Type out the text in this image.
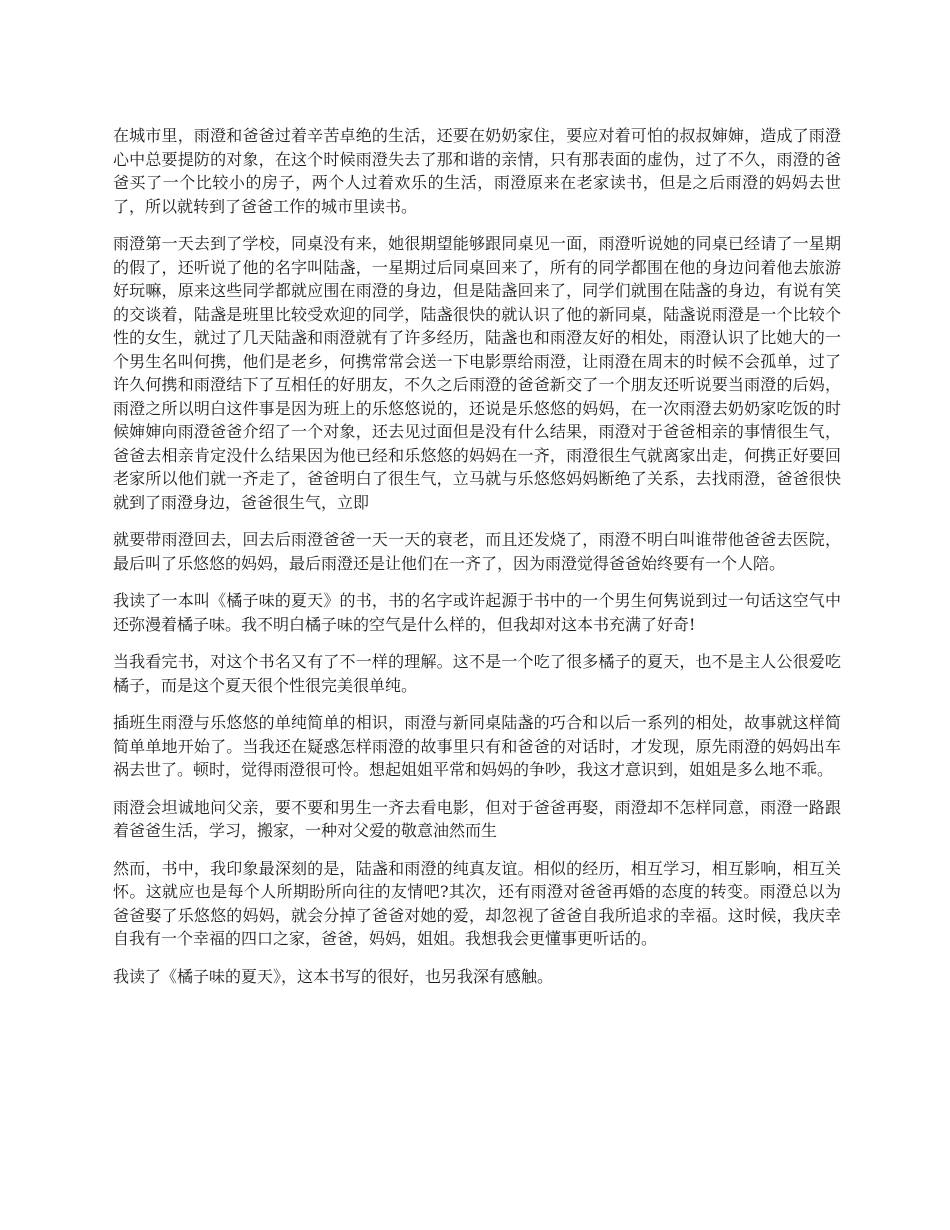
在城市里，雨澄和爸爸过着辛苦卓绝的生活，还要在奶奶家住，要应对着可怕的叔叔婶婶，造成了雨澄心中总要提防的对象，在这个时候雨澄失去了那和谐的亲情，只有那表面的虚伪，过了不久，雨澄的爸爸买了一个比较小的房子，两个人过着欢乐的生活，雨澄原来在老家读书，但是之后雨澄的妈妈去世了，所以就转到了爸爸工作的城市里读书。

雨澄第一天去到了学校，同桌没有来，她很期望能够跟同桌见一面，雨澄听说她的同桌已经请了一星期的假了，还听说了他的名字叫陆盏，一星期过后同桌回来了，所有的同学都围在他的身边问着他去旅游好玩嘛，原来这些同学都就应围在雨澄的身边，但是陆盏回来了，同学们就围在陆盏的身边，有说有笑的交谈着，陆盏是班里比较受欢迎的同学，陆盏很快的就认识了他的新同桌，陆盏说雨澄是一个比较个性的女生，就过了几天陆盏和雨澄就有了许多经历，陆盏也和雨澄友好的相处，雨澄认识了比她大的一个男生名叫何携，他们是老乡，何携常常会送一下电影票给雨澄，让雨澄在周末的时候不会孤单，过了许久何携和雨澄结下了互相任的好朋友，不久之后雨澄的爸爸新交了一个朋友还听说要当雨澄的后妈，雨澄之所以明白这件事是因为班上的乐悠悠说的，还说是乐悠悠的妈妈，在一次雨澄去奶奶家吃饭的时候婶婶向雨澄爸爸介绍了一个对象，还去见过面但是没有什么结果，雨澄对于爸爸相亲的事情很生气，爸爸去相亲肯定没什么结果因为他已经和乐悠悠的妈妈在一齐，雨澄很生气就离家出走，何携正好要回老家所以他们就一齐走了，爸爸明白了很生气，立马就与乐悠悠妈妈断绝了关系，去找雨澄，爸爸很快就到了雨澄身边，爸爸很生气，立即

就要带雨澄回去，回去后雨澄爸爸一天一天的衰老，而且还发烧了，雨澄不明白叫谁带他爸爸去医院，最后叫了乐悠悠的妈妈，最后雨澄还是让他们在一齐了，因为雨澄觉得爸爸始终要有一个人陪。

我读了一本叫《橘子味的夏天》的书，书的名字或许起源于书中的一个男生何隽说到过一句话这空气中还弥漫着橘子味。我不明白橘子味的空气是什么样的，但我却对这本书充满了好奇!

当我看完书，对这个书名又有了不一样的理解。这不是一个吃了很多橘子的夏天，也不是主人公很爱吃橘子，而是这个夏天很个性很完美很单纯。

插班生雨澄与乐悠悠的单纯简单的相识，雨澄与新同桌陆盏的巧合和以后一系列的相处，故事就这样简简单单地开始了。当我还在疑惑怎样雨澄的故事里只有和爸爸的对话时，才发现，原先雨澄的妈妈出车祸去世了。顿时，觉得雨澄很可怜。想起姐姐平常和妈妈的争吵，我这才意识到，姐姐是多么地不乖。

雨澄会坦诚地问父亲，要不要和男生一齐去看电影，但对于爸爸再娶，雨澄却不怎样同意，雨澄一路跟着爸爸生活，学习，搬家，一种对父爱的敬意油然而生

然而，书中，我印象最深刻的是，陆盏和雨澄的纯真友谊。相似的经历，相互学习，相互影响，相互关怀。这就应也是每个人所期盼所向往的友情吧?其次，还有雨澄对爸爸再婚的态度的转变。雨澄总以为爸爸娶了乐悠悠的妈妈，就会分掉了爸爸对她的爱，却忽视了爸爸自我所追求的幸福。这时候，我庆幸自我有一个幸福的四口之家，爸爸，妈妈，姐姐。我想我会更懂事更听话的。

我读了《橘子味的夏天》，这本书写的很好，也另我深有感触。
